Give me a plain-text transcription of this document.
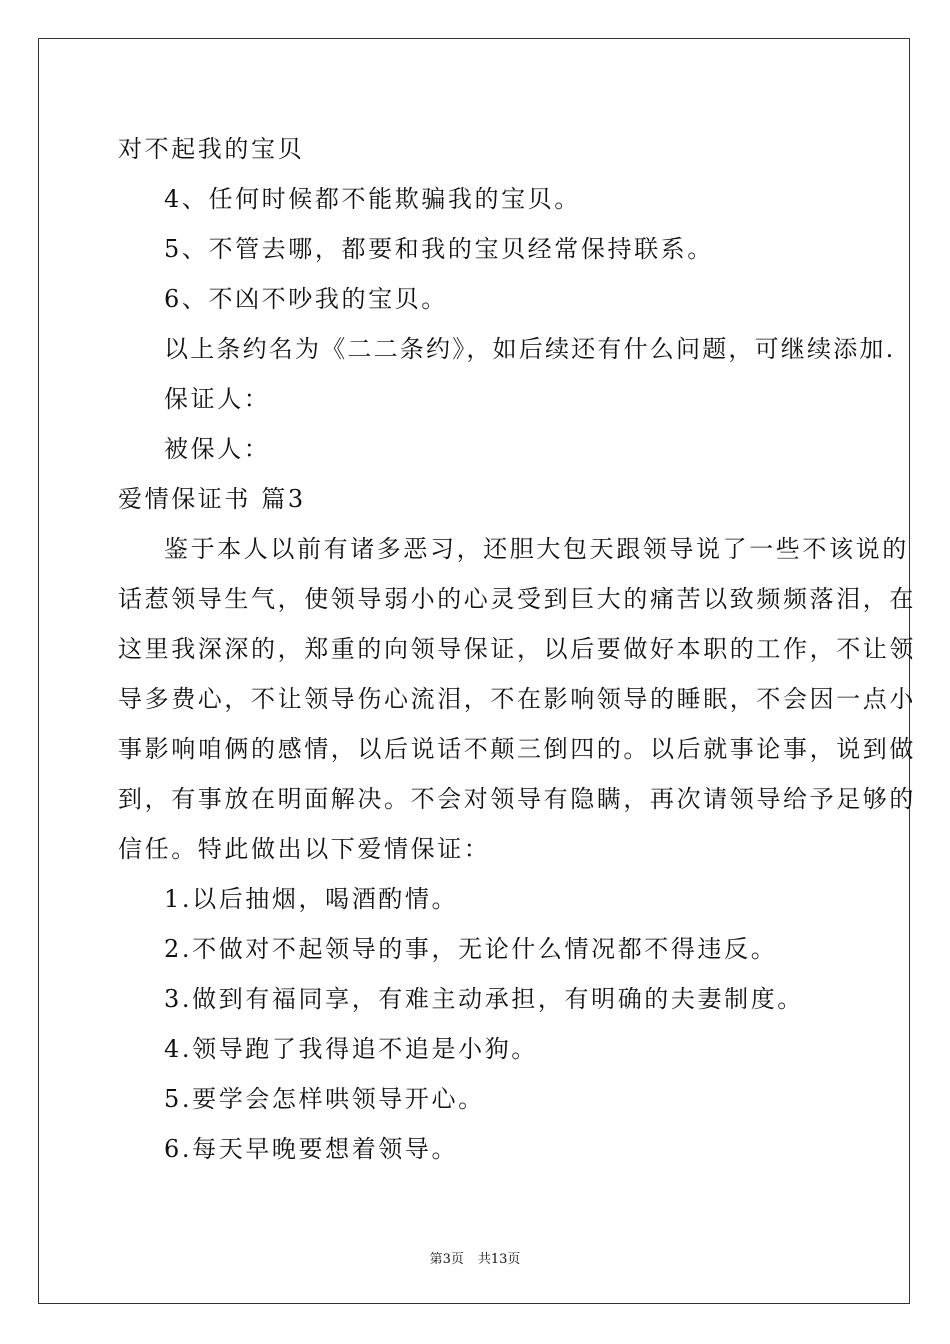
对不起我的宝贝
4、任何时候都不能欺骗我的宝贝。
5、不管去哪，都要和我的宝贝经常保持联系。
6、不凶不吵我的宝贝。
以上条约名为《二二条约》，如后续还有什么问题，可继续添加.
保证人：
被保人：
爱情保证书 篇3
鉴于本人以前有诸多恶习，还胆大包天跟领导说了一些不该说的
话惹领导生气，使领导弱小的心灵受到巨大的痛苦以致频频落泪，在
这里我深深的，郑重的向领导保证，以后要做好本职的工作，不让领
导多费心，不让领导伤心流泪，不在影响领导的睡眠，不会因一点小
事影响咱俩的感情，以后说话不颠三倒四的。以后就事论事，说到做
到，有事放在明面解决。不会对领导有隐瞒，再次请领导给予足够的
信任。特此做出以下爱情保证：
1.以后抽烟，喝酒酌情。
2.不做对不起领导的事，无论什么情况都不得违反。
3.做到有福同享，有难主动承担，有明确的夫妻制度。
4.领导跑了我得追不追是小狗。
5.要学会怎样哄领导开心。
6.每天早晚要想着领导。
第3页 共13页
